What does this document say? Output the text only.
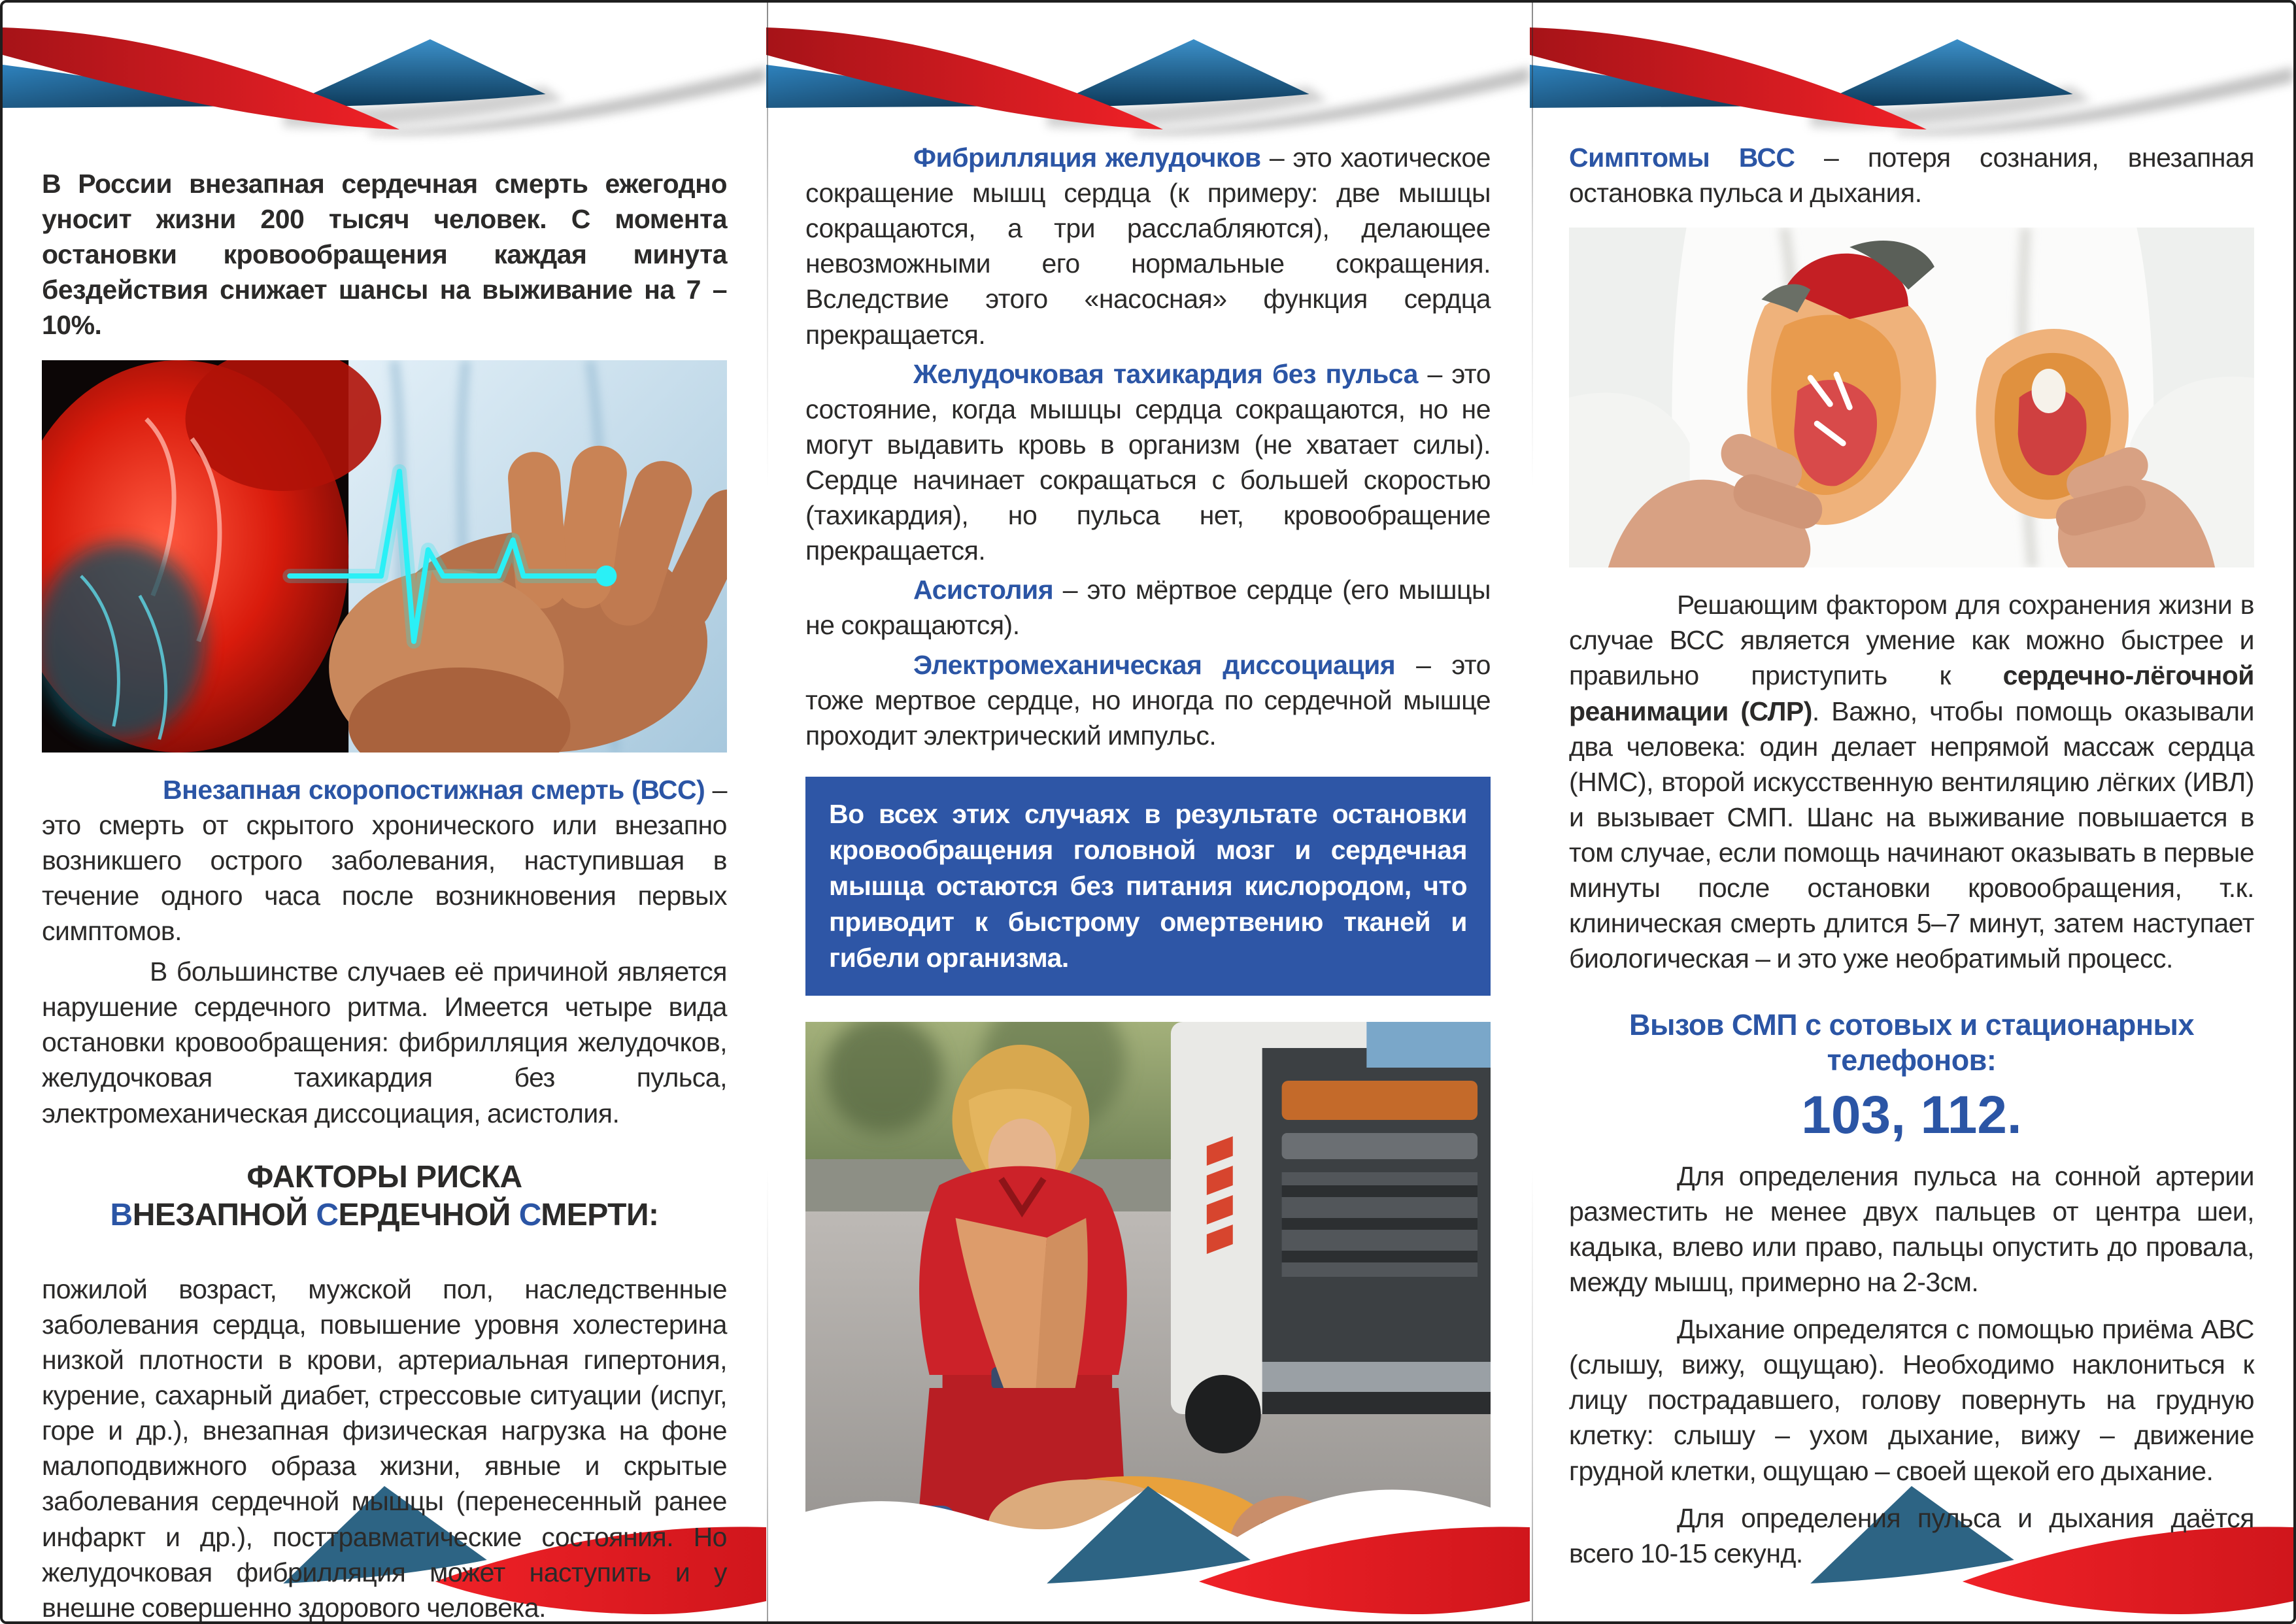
В России внезапная сердечная смерть ежегодно уносит жизни 200 тысяч человек. С момента остановки кровообращения каждая минута бездействия снижает шансы на выживание на 7 – 10%.

Внезапная скоропостижная смерть (ВСС) – это смерть от скрытого хронического или внезапно возникшего острого заболевания, наступившая в течение одного часа после возникновения первых симптомов.

В большинстве случаев её причиной является нарушение сердечного ритма. Имеется четыре вида остановки кровообращения: фибрилляция желудочков, желудочковая тахикардия без пульса, электромеханическая диссоциация, асистолия.

ФАКТОРЫ РИСКА
ВНЕЗАПНОЙ СЕРДЕЧНОЙ СМЕРТИ:

пожилой возраст, мужской пол, наследственные заболевания сердца, повышение уровня холестерина низкой плотности в крови, артериальная гипертония, курение, сахарный диабет, стрессовые ситуации (испуг, горе и др.), внезапная физическая нагрузка на фоне малоподвижного образа жизни, явные и скрытые заболевания сердечной мышцы (перенесенный ранее инфаркт и др.), посттравматические состояния. Но желудочковая фибрилляция может наступить и у внешне совершенно здорового человека.

Фибрилляция желудочков – это хаотическое сокращение мышц сердца (к примеру: две мышцы сокращаются, а три расслабляются), делающее невозможными его нормальные сокращения. Вследствие этого «насосная» функция сердца прекращается.

Желудочковая тахикардия без пульса – это состояние, когда мышцы сердца сокращаются, но не могут выдавить кровь в организм (не хватает силы). Сердце начинает сокращаться с большей скоростью (тахикардия), но пульса нет, кровообращение прекращается.

Асистолия – это мёртвое сердце (его мышцы не сокращаются).

Электромеханическая диссоциация – это тоже мертвое сердце, но иногда по сердечной мышце проходит электрический импульс.

Во всех этих случаях в результате остановки кровообращения головной мозг и сердечная мышца остаются без питания кислородом, что приводит к быстрому омертвению тканей и гибели организма.

Симптомы ВСС – потеря сознания, внезапная остановка пульса и дыхания.

Решающим фактором для сохранения жизни в случае ВСС является умение как можно быстрее и правильно приступить к сердечно-лёгочной реанимации (СЛР). Важно, чтобы помощь оказывали два человека: один делает непрямой массаж сердца (НМС), второй искусственную вентиляцию лёгких (ИВЛ) и вызывает СМП. Шанс на выживание повышается в том случае, если помощь начинают оказывать в первые минуты после остановки кровообращения, т.к. клиническая смерть длится 5–7 минут, затем наступает биологическая – и это уже необратимый процесс.

Вызов СМП с сотовых и стационарных телефонов:
103, 112.

Для определения пульса на сонной артерии разместить не менее двух пальцев от центра шеи, кадыка, влево или право, пальцы опустить до провала, между мышц, примерно на 2-3см.

Дыхание определятся с помощью приёма АВС (слышу, вижу, ощущаю). Необходимо наклониться к лицу пострадавшего, голову повернуть на грудную клетку: слышу – ухом дыхание, вижу – движение грудной клетки, ощущаю – своей щекой его дыхание.

Для определения пульса и дыхания даётся всего 10-15 секунд.
